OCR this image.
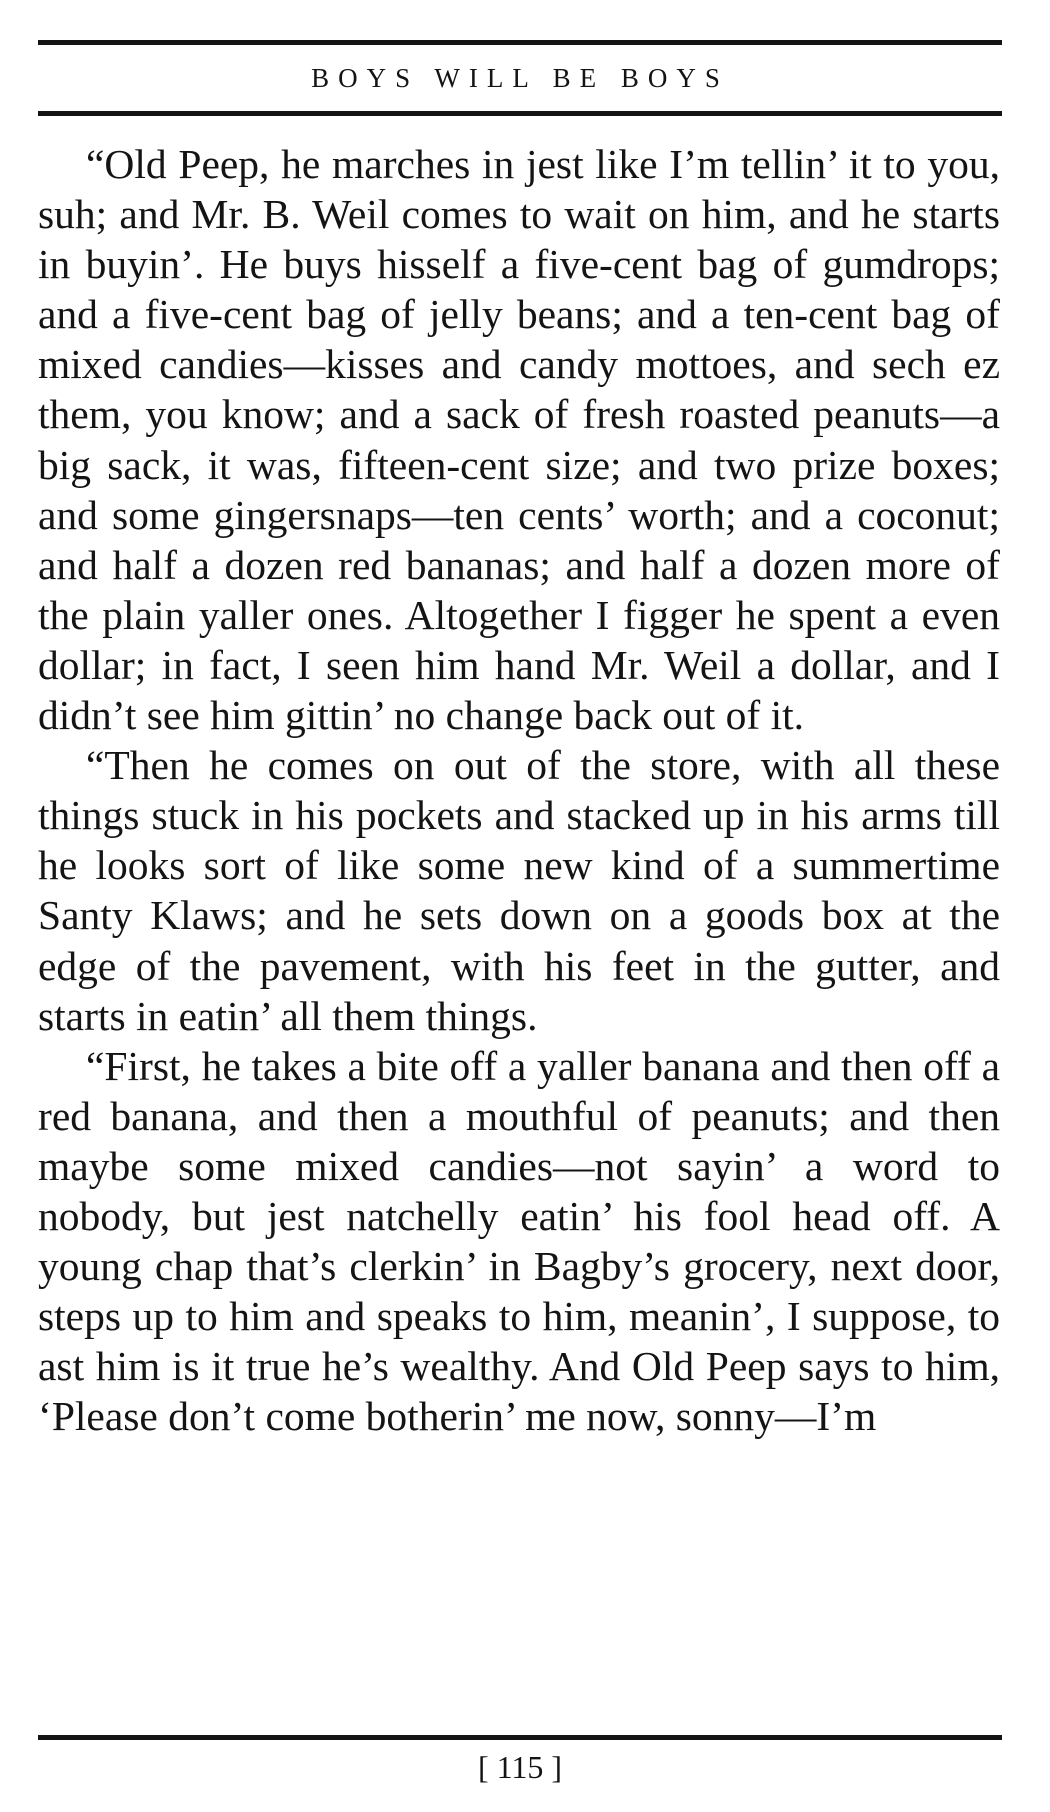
BOYS WILL BE BOYS

“Old Peep, he marches in jest like I’m tellin’ it to you, suh; and Mr. B. Weil comes to wait on him, and he starts in buyin’. He buys hisself a five-cent bag of gumdrops; and a five-cent bag of jelly beans; and a ten-cent bag of mixed candies—kisses and candy mottoes, and sech ez them, you know; and a sack of fresh roasted peanuts—a big sack, it was, fifteen-cent size; and two prize boxes; and some gingersnaps—ten cents’ worth; and a coconut; and half a dozen red bananas; and half a dozen more of the plain yaller ones. Altogether I figger he spent a even dollar; in fact, I seen him hand Mr. Weil a dollar, and I didn’t see him gittin’ no change back out of it.

“Then he comes on out of the store, with all these things stuck in his pockets and stacked up in his arms till he looks sort of like some new kind of a summertime Santy Klaws; and he sets down on a goods box at the edge of the pavement, with his feet in the gutter, and starts in eatin’ all them things.

“First, he takes a bite off a yaller banana and then off a red banana, and then a mouthful of peanuts; and then maybe some mixed candies—not sayin’ a word to nobody, but jest natchelly eatin’ his fool head off. A young chap that’s clerkin’ in Bagby’s grocery, next door, steps up to him and speaks to him, meanin’, I suppose, to ast him is it true he’s wealthy. And Old Peep says to him, ‘Please don’t come botherin’ me now, sonny—I’m

[ 115 ]
